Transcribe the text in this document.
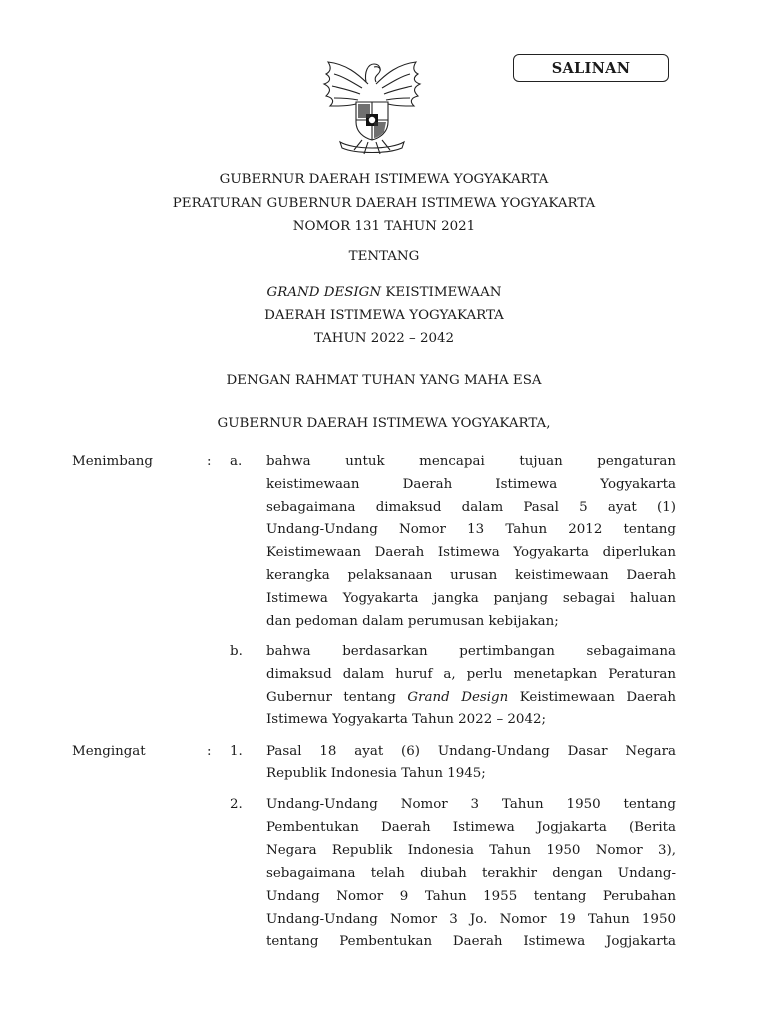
SALINAN
GUBERNUR DAERAH ISTIMEWA YOGYAKARTA
PERATURAN GUBERNUR DAERAH ISTIMEWA YOGYAKARTA
NOMOR 131 TAHUN 2021
TENTANG
GRAND DESIGN KEISTIMEWAAN
DAERAH ISTIMEWA YOGYAKARTA
TAHUN 2022 – 2042
DENGAN RAHMAT TUHAN YANG MAHA ESA
GUBERNUR DAERAH ISTIMEWA YOGYAKARTA,
Menimbang	: a. bahwa untuk mencapai tujuan pengaturan
keistimewaan Daerah Istimewa Yogyakarta
sebagaimana dimaksud dalam Pasal 5 ayat (1)
Undang-Undang Nomor 13 Tahun 2012 tentang
Keistimewaan Daerah Istimewa Yogyakarta diperlukan
kerangka pelaksanaan urusan keistimewaan Daerah
Istimewa Yogyakarta jangka panjang sebagai haluan
dan pedoman dalam perumusan kebijakan;
b. bahwa berdasarkan pertimbangan sebagaimana
dimaksud dalam huruf a, perlu menetapkan Peraturan
Gubernur tentang Grand Design Keistimewaan Daerah
Istimewa Yogyakarta Tahun 2022 – 2042;
Mengingat	: 1. Pasal 18 ayat (6) Undang-Undang Dasar Negara
Republik Indonesia Tahun 1945;
2. Undang-Undang Nomor 3 Tahun 1950 tentang
Pembentukan Daerah Istimewa Jogjakarta (Berita
Negara Republik Indonesia Tahun 1950 Nomor 3),
sebagaimana telah diubah terakhir dengan Undang-
Undang Nomor 9 Tahun 1955 tentang Perubahan
Undang-Undang Nomor 3 Jo. Nomor 19 Tahun 1950
tentang Pembentukan Daerah Istimewa Jogjakarta
